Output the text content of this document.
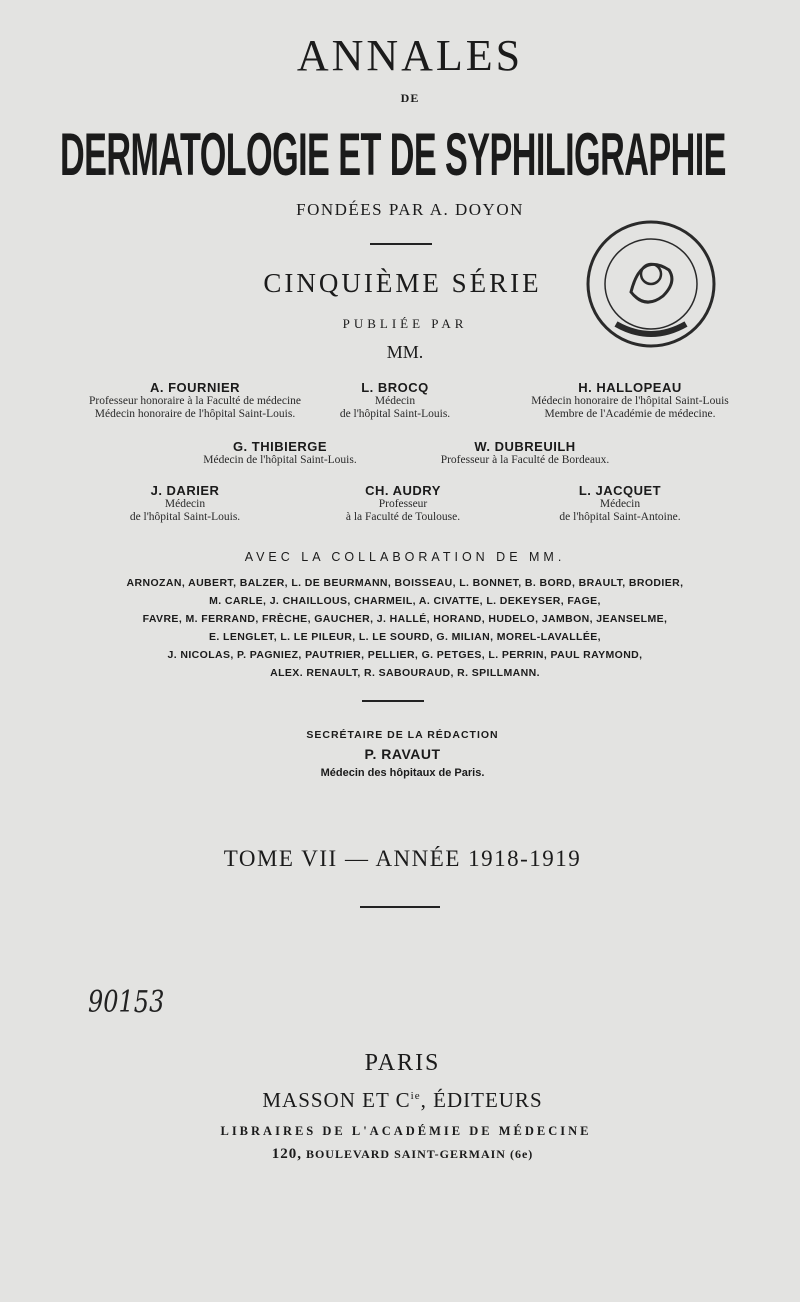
ANNALES
DE
DERMATOLOGIE ET DE SYPHILIGRAPHIE
FONDÉES PAR A. DOYON
CINQUIÈME SÉRIE
PUBLIÉE PAR
MM.
A. FOURNIER
Professeur honoraire à la Faculté de médecine
Médecin honoraire de l'hôpital Saint-Louis.
L. BROCQ
Médecin
de l'hôpital Saint-Louis.
H. HALLOPEAU
Médecin honoraire de l'hôpital Saint-Louis
Membre de l'Académie de médecine.
G. THIBIERGE
Médecin de l'hôpital Saint-Louis.
W. DUBREUILH
Professeur à la Faculté de Bordeaux.
J. DARIER
Médecin
de l'hôpital Saint-Louis.
CH. AUDRY
Professeur
à la Faculté de Toulouse.
L. JACQUET
Médecin
de l'hôpital Saint-Antoine.
AVEC LA COLLABORATION DE MM.
ARNOZAN, AUBERT, BALZER, L. DE BEURMANN, BOISSEAU, L. BONNET, B. BORD, BRAULT, BRODIER,
M. CARLE, J. CHAILLOUS, CHARMEIL, A. CIVATTE, L. DEKEYSER, FAGE,
FAVRE, M. FERRAND, FRÈCHE, GAUCHER, J. HALLÉ, HORAND, HUDELO, JAMBON, JEANSELME,
E. LENGLET, L. LE PILEUR, L. LE SOURD, G. MILIAN, MOREL-LAVALLÉE,
J. NICOLAS, P. PAGNIEZ, PAUTRIER, PELLIER, G. PETGES, L. PERRIN, PAUL RAYMOND,
ALEX. RENAULT, R. SABOURAUD, R. SPILLMANN.
SECRÉTAIRE DE LA RÉDACTION
P. RAVAUT
Médecin des hôpitaux de Paris.
TOME VII — ANNÉE 1918-1919
90153
PARIS
MASSON ET $C^{ie}$, ÉDITEURS
LIBRAIRES DE L'ACADÉMIE DE MÉDECINE
120, BOULEVARD SAINT-GERMAIN (6e)
